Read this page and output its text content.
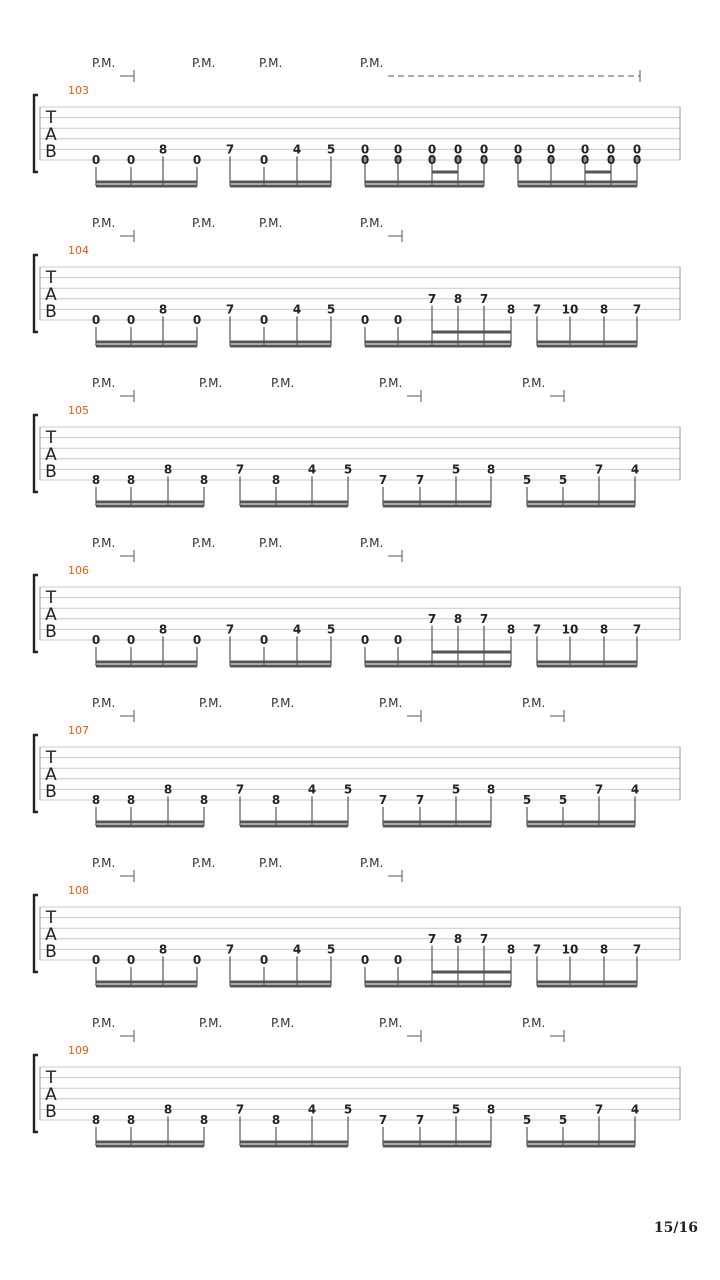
T
A
B
103
P.M.	P.M.	P.M.	P.M.
0 0
8
0
7
0
4 5
0
0
0
0
0
0
0
0
0
0
0
0
0
0
0
0
0
0
0
0
T
A
B
104
P.M.	P.M.	P.M.	P.M.
0 0
8
0
7
0
4 5
0 0
7 8 7
8 7 10 8 7
T
A
B
105
P.M.	P.M.	P.M.	P.M.	P.M.
8 8
8
8
7
8
4 5
7 7
5 8
5 5
7 4
T
A
B
106
P.M.	P.M.	P.M.	P.M.
0 0
8
0
7
0
4 5
0 0
7 8 7
8 7 10 8 7
T
A
B
107
P.M.	P.M.	P.M.	P.M.	P.M.
8 8
8
8
7
8
4 5
7 7
5 8
5 5
7 4
T
A
B
108
P.M.	P.M.	P.M.	P.M.
0 0
8
0
7
0
4 5
0 0
7 8 7
8 7 10 8 7
T
A
B
109
P.M.	P.M.	P.M.	P.M.	P.M.
8 8
8
8
7
8
4 5
7 7
5 8
5 5
7 4
15/16
